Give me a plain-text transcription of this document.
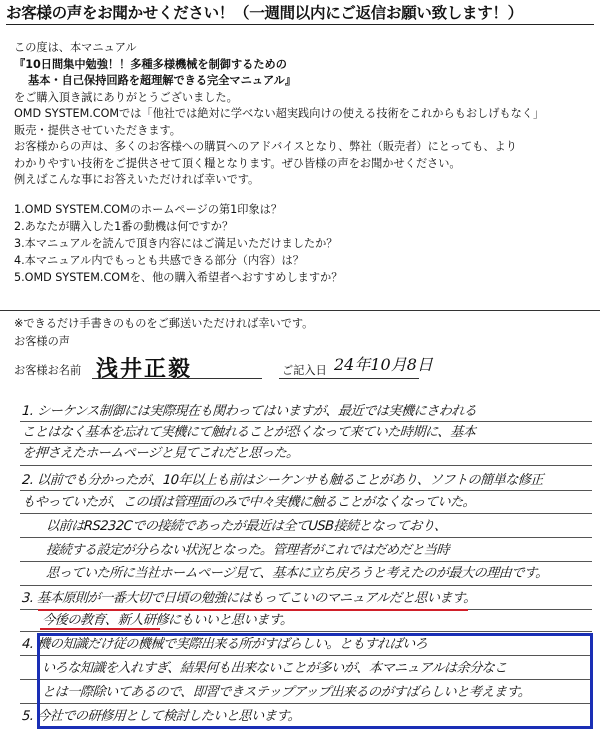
お客様の声をお聞かせください！（一週間以内にご返信お願い致します！）
この度は、本マニュアル
『10日間集中勉強！！多種多様機械を制御するための
基本・自己保持回路を超理解できる完全マニュアル』
をご購入頂き誠にありがとうございました。
OMD SYSTEM.COMでは「他社では絶対に学べない超実践向けの使える技術をこれからもおしげもなく」
販売・提供させていただきます。
お客様からの声は、多くのお客様への購買へのアドバイスとなり、弊社（販売者）にとっても、より
わかりやすい技術をご提供させて頂く糧となります。ぜひ皆様の声をお聞かせください。
例えばこんな事にお答えいただければ幸いです。
1.OMD SYSTEM.COMのホームページの第1印象は？
2.あなたが購入した1番の動機は何ですか？
3.本マニュアルを読んで頂き内容にはご満足いただけましたか？
4.本マニュアル内でもっとも共感できる部分（内容）は？
5.OMD SYSTEM.COMを、他の購入希望者へおすすめしますか？
※できるだけ手書きのものをご郵送いただければ幸いです。
お客様の声
お客様お名前 浅井正毅	ご記入日 24年10月8日
1. シーケンス制御には実際現在も関わってはいますが、最近では実機にさわれる
ことはなく基本を忘れて実機にて触れることが恐くなって来ていた時期に、基本
を押さえたホームページと見てこれだと思った。
2. 以前でも分かったが、10年以上も前はシーケンサも触ることがあり、ソフトの簡単な修正
もやっていたが、この頃は管理面のみで中々実機に触ることがなくなっていた。
以前はRS232Cでの接続であったが最近は全てUSB接続となっており、
接続する設定が分らない状況となった。管理者がこれではだめだと当時
思っていた所に当社ホームページ見て、基本に立ち戻ろうと考えたのが最大の理由です。
3. 基本原則が一番大切で日頃の勉強にはもってこいのマニュアルだと思います。
今後の教育、新人研修にもいいと思います。
4. 機の知識だけ従の機械で実際出来る所がすばらしい。ともすればいろ
いろな知識を入れすぎ、結果何も出来ないことが多いが、本マニュアルは余分なこ
とは一際除いてあるので、即習できステップアップ出来るのがすばらしいと考えます。
5. 今社での研修用として検討したいと思います。
